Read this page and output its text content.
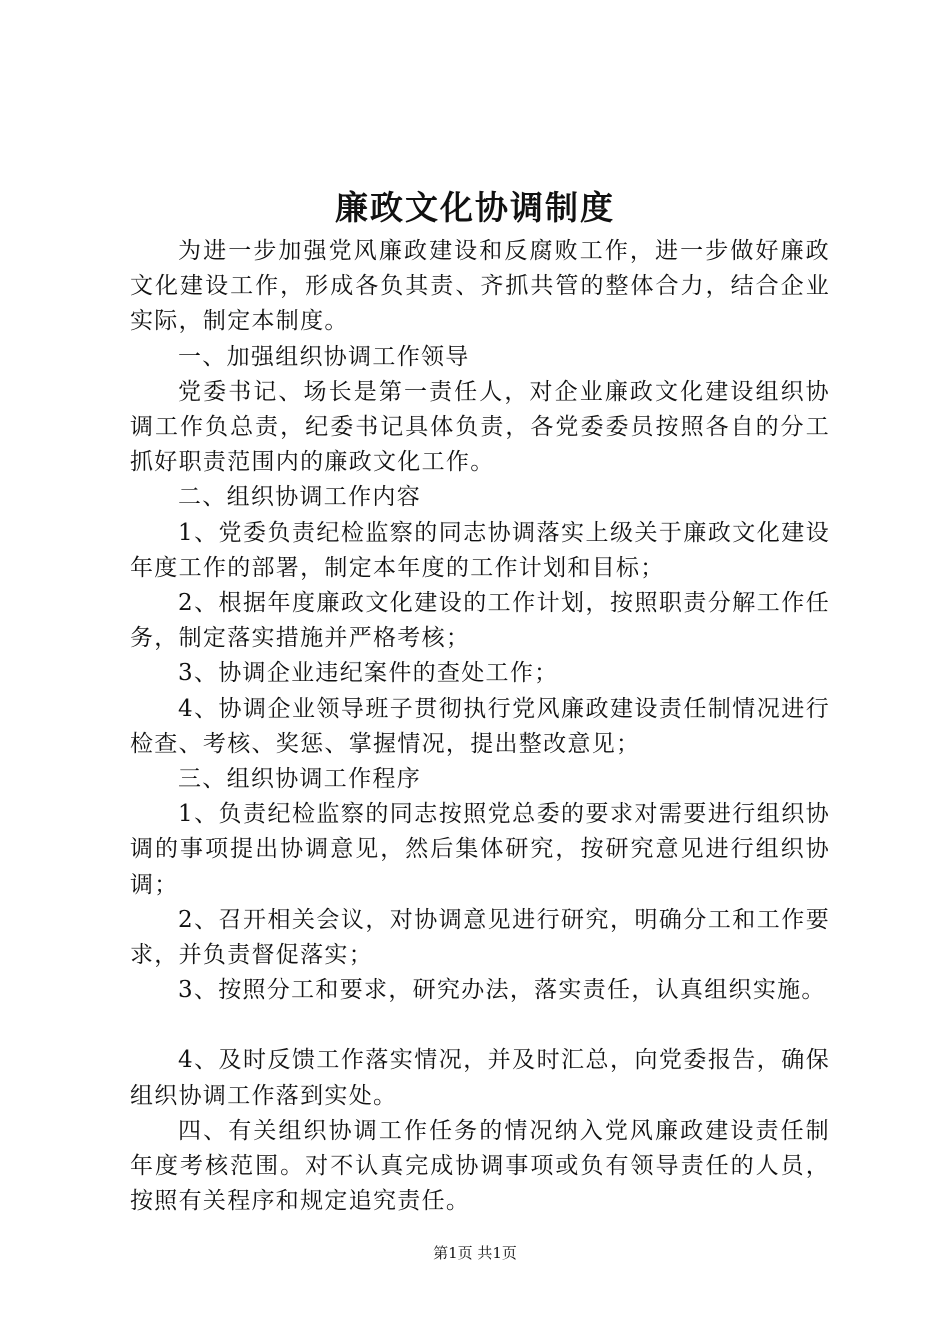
廉政文化协调制度

为进一步加强党风廉政建设和反腐败工作，进一步做好廉政文化建设工作，形成各负其责、齐抓共管的整体合力，结合企业实际，制定本制度。

一、加强组织协调工作领导

党委书记、场长是第一责任人，对企业廉政文化建设组织协调工作负总责，纪委书记具体负责，各党委委员按照各自的分工抓好职责范围内的廉政文化工作。

二、组织协调工作内容

1、党委负责纪检监察的同志协调落实上级关于廉政文化建设年度工作的部署，制定本年度的工作计划和目标；

2、根据年度廉政文化建设的工作计划，按照职责分解工作任务，制定落实措施并严格考核；

3、协调企业违纪案件的查处工作；

4、协调企业领导班子贯彻执行党风廉政建设责任制情况进行检查、考核、奖惩、掌握情况，提出整改意见；

三、组织协调工作程序

1、负责纪检监察的同志按照党总委的要求对需要进行组织协调的事项提出协调意见，然后集体研究，按研究意见进行组织协调；

2、召开相关会议，对协调意见进行研究，明确分工和工作要求，并负责督促落实；

3、按照分工和要求，研究办法，落实责任，认真组织实施。

4、及时反馈工作落实情况，并及时汇总，向党委报告，确保组织协调工作落到实处。

四、有关组织协调工作任务的情况纳入党风廉政建设责任制年度考核范围。对不认真完成协调事项或负有领导责任的人员，按照有关程序和规定追究责任。

第1页 共1页
